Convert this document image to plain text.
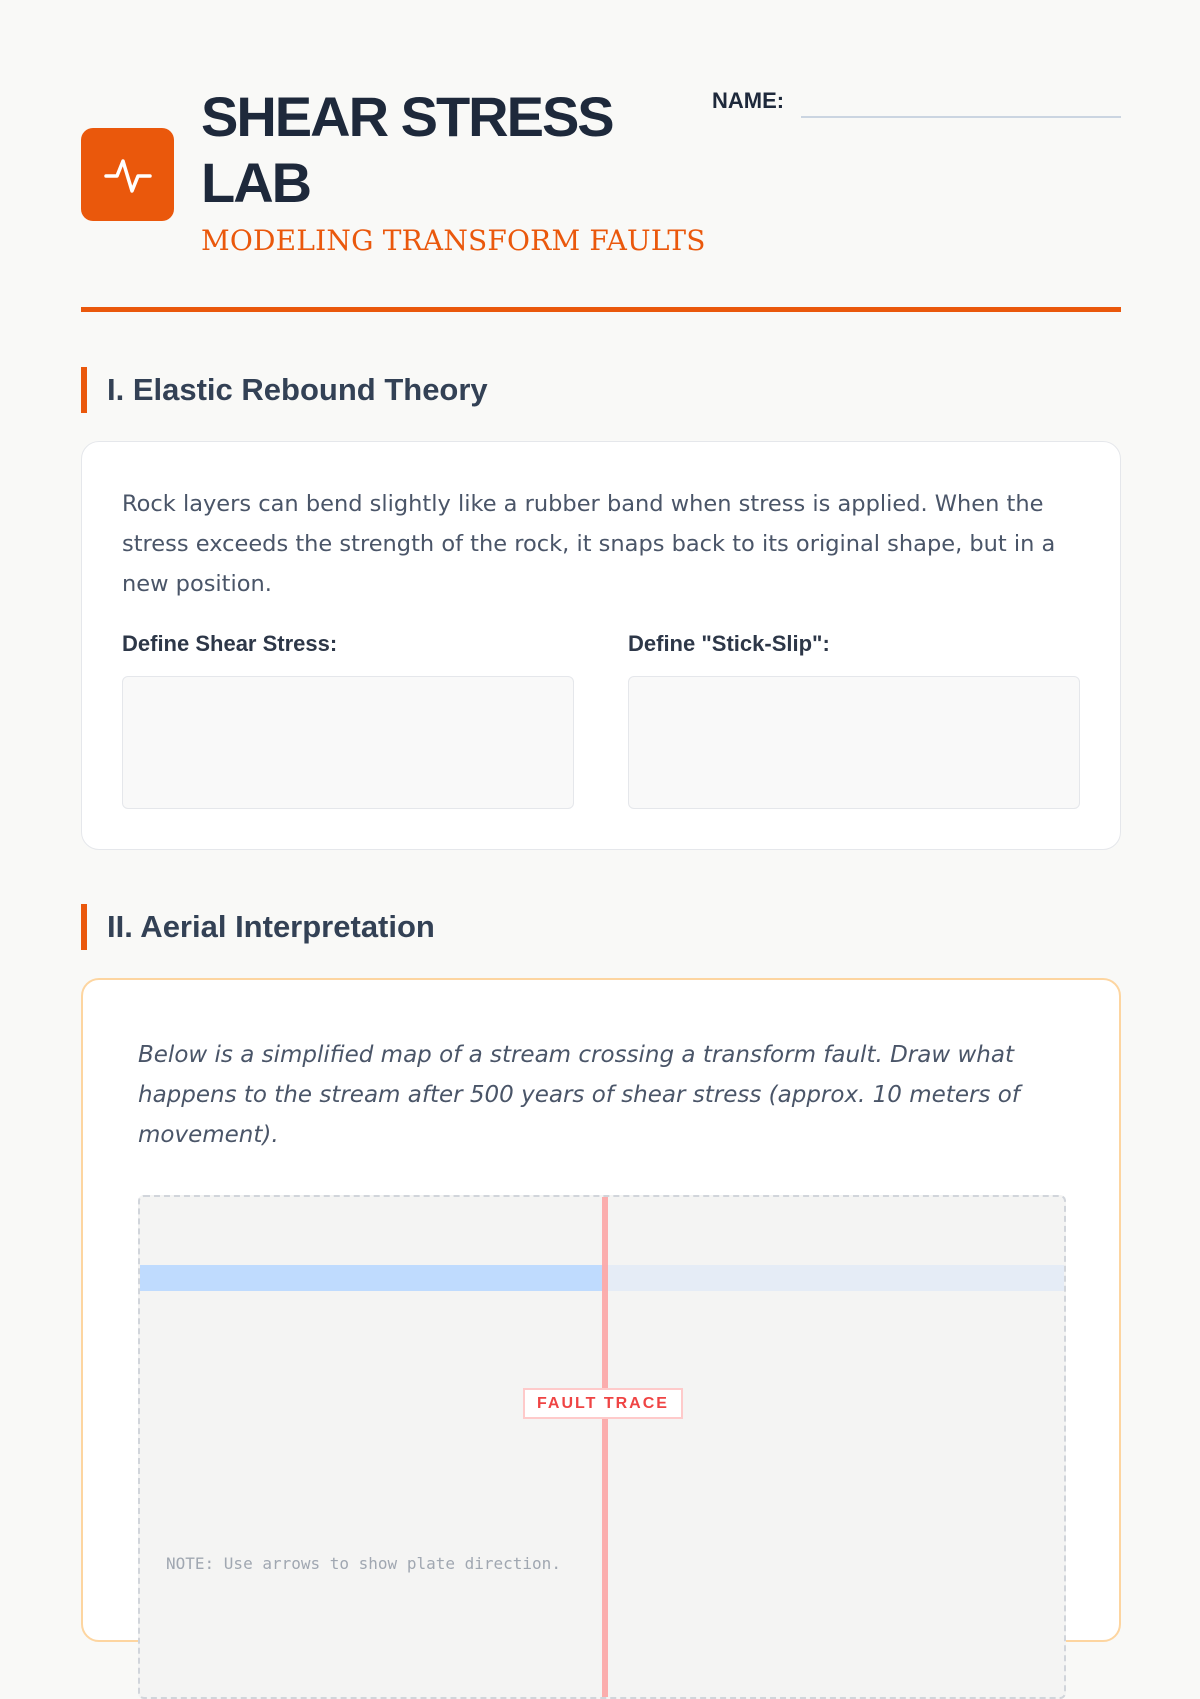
SHEAR STRESS LAB
MODELING TRANSFORM FAULTS
NAME:
I. Elastic Rebound Theory
Rock layers can bend slightly like a rubber band when stress is applied. When the stress exceeds the strength of the rock, it snaps back to its original shape, but in a new position.
Define Shear Stress:	Define "Stick-Slip":
II. Aerial Interpretation
Below is a simplified map of a stream crossing a transform fault. Draw what happens to the stream after 500 years of shear stress (approx. 10 meters of movement).
FAULT TRACE
NOTE: Use arrows to show plate direction.
